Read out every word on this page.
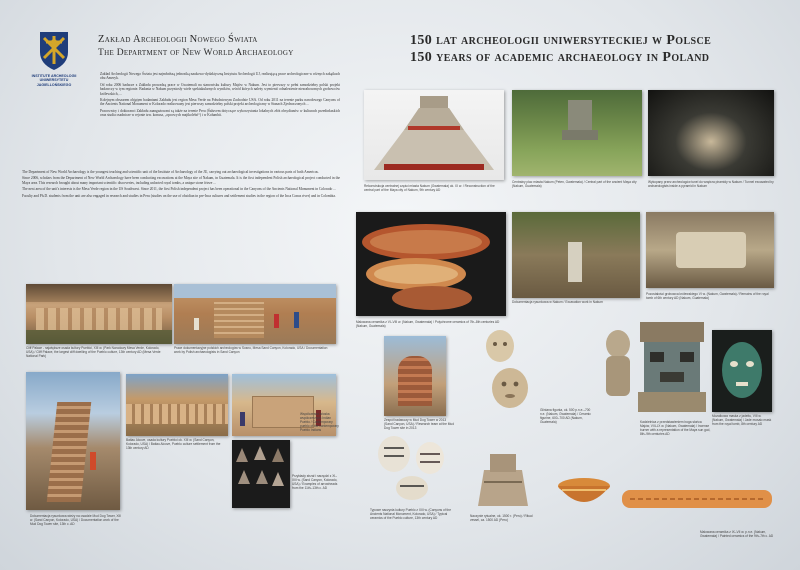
INSTITUTE ARCHEOLOGII UNIWERSYTETU JAGIELLOŃSKIEGO
Zakład Archeologii Nowego Świata
The Department of New World Archaeology
150 lat archeologii uniwersyteckiej w Polsce
150 years of academic archaeology in Poland

Zakład Archeologii Nowego Świata jest najmłodszą jednostką naukowo-dydaktyczną Instytutu Archeologii UJ, realizującą prace archeologiczne w różnych zakątkach obu Ameryk.

Od roku 2006 badacze z Zakładu prowadzą prace w Gwatemali na stanowisku kultury Majów w Nakum. Jest to pierwszy w pełni samodzielny polski projekt badawczy w tym regionie. Badania w Nakum przyniosły wiele spektakularnych wyników, wśród których należy wymienić odnalezienie niezrabowanych grobowców królewskich, ...

Kolejnym obszarem objętym badaniami Zakładu jest region Mesa Verde na Południowym Zachodzie USA. Od roku 2011 na terenie parku narodowego Canyons of the Ancients National Monument w Kolorado realizowany jest pierwszy samodzielny polski projekt archeologiczny w Stanach Zjednoczonych ...

Pracownicy i doktoranci Zakładu zaangażowani są także na terenie Peru (Śaluvem dotyczące wykorzystania lokalnych złóż obsydianów w kulturach przedinkaskich oraz studia osadnicze w rejonie tzw. konusa, „opcowych majtkolebó“) i w Kolumbii.

The Department of New World Archaeology is the youngest teaching and scientific unit of the Institute of Archaeology of the JU, carrying out archaeological investigations in various parts of both Americas.

Since 2006, scholars from the Department of New World Archaeology have been conducting excavations at the Maya site of Nakum, in Guatemala. It is the first independent Polish archaeological project conducted in the Maya area. This research brought about many important scientific discoveries, including unlooted royal tombs, a unique stone frieze ...

The next area of the unit's interests is the Mesa Verde region in the US Southwest. Since 2011, the first Polish independent project has been operational in the Canyons of the Ancients National Monument in Colorado ...

Faculty and Ph.D. students from the unit are also engaged in research and studies in Peru (studies on the use of obsidian in pre-Inca cultures and settlement studies in the region of the Inca Conus river) and in Colombia.

Cliff Palace - największe osada kultury Puebloi, XIII w. (Park Narodowy Mesa Verde, Kolorado, USA) / Cliff Palace, the largest cliff dwelling of the Pueblo culture, 13th century AD (Mesa Verde National Park)
Prace dokumentacyjne polskich archeologów w Sosnu, Mesa Sand Canyon, Kolorado, USA / Documentation work by Polish archaeologists in Sand Canyon
Dokumentacja rysunkowa wieży na osadzie Mud Dog Tower, XIII w. (Sand Canyon, Kolorado, USA) / Documentation work of the Mud Dog Tower site, 13th c. AD
Batiau Alcove, osada kultury Puebloi ok. XIII w. (Sand Canyon, Kolorado, USA) / Batiau Alcove, Pueblo culture settlement from the 13th century AD
Współczesna wioska współczesnych Indian Pueblo / Contemporary pueblo of the contemporary Pueblo Indians
Przykłady strzał i narzędzi z XI–XIII w. (Sand Canyon, Kolorado, USA) / Examples of arrowheads from the 11th–13th c. AD
Rekonstrukcja centralnej części miasta Nakum (Gwatemala) ok. IX w. / Reconstruction of the central part of the Maya city of Nakum, 9th century AD
Centralny plac miasta Nakum (Peten, Gwatemala) / Central part of the ancient Maya city (Nakum, Guatemala)
Wykopany przez archeologów tunel do wnętrza piramidy w Nakum / Tunnel excavated by archaeologists inside a pyramid in Nakum
Malowana ceramika z VI–VIII w. (Nakum, Gwatemala) / Polychrome ceramics of 7th–8th centuries AD (Nakum, Guatemala)
Dokumentacja rysunkowa w Nakum / Excavation work in Nakum
Pozostałości grobowca królewskiego VI w. (Nakum, Gwatemala) / Remains of the royal tomb of 6th century AD (Nakum, Guatemala)
Zespół badawczy w Mud Dog Tower w 2013 (Sand Canyon, USA) / Research team at the Mud Dog Tower site in 2013
Gliniana figurka, ok. 500 p.n.e.–700 n.e. (Nakum, Gwatemala) / Ceramic figurine, 600–700 AD (Nakum, Guatemala)	Kadzielnica z przedstawieniem boga słońca Majów, VIII–IX w. (Nakum, Gwatemala) / Incense burner with a representation of the Maya sun god, 8th–9th centuries AD
Mozaikowa maska z jadeitu, VIII w. (Nakum, Gwatemala) / Jade mosaic mask from the royal tomb, 8th century AD
Typowe naczynia kultury Pueblo z XIII w. (Canyons of the Ancients National Monument, Kolorado, USA) / Typical ceramics of the Pueblo culture, 13th century AD	Naczynie rytualne, ok. 1500 r. (Peru) / Ritual vessel, ca. 1500 AD (Peru)
Malowana ceramika z IX–VII w. p.n.e. (Nakum, Gwatemala) / Painted ceramics of the 9th–7th c. AD
